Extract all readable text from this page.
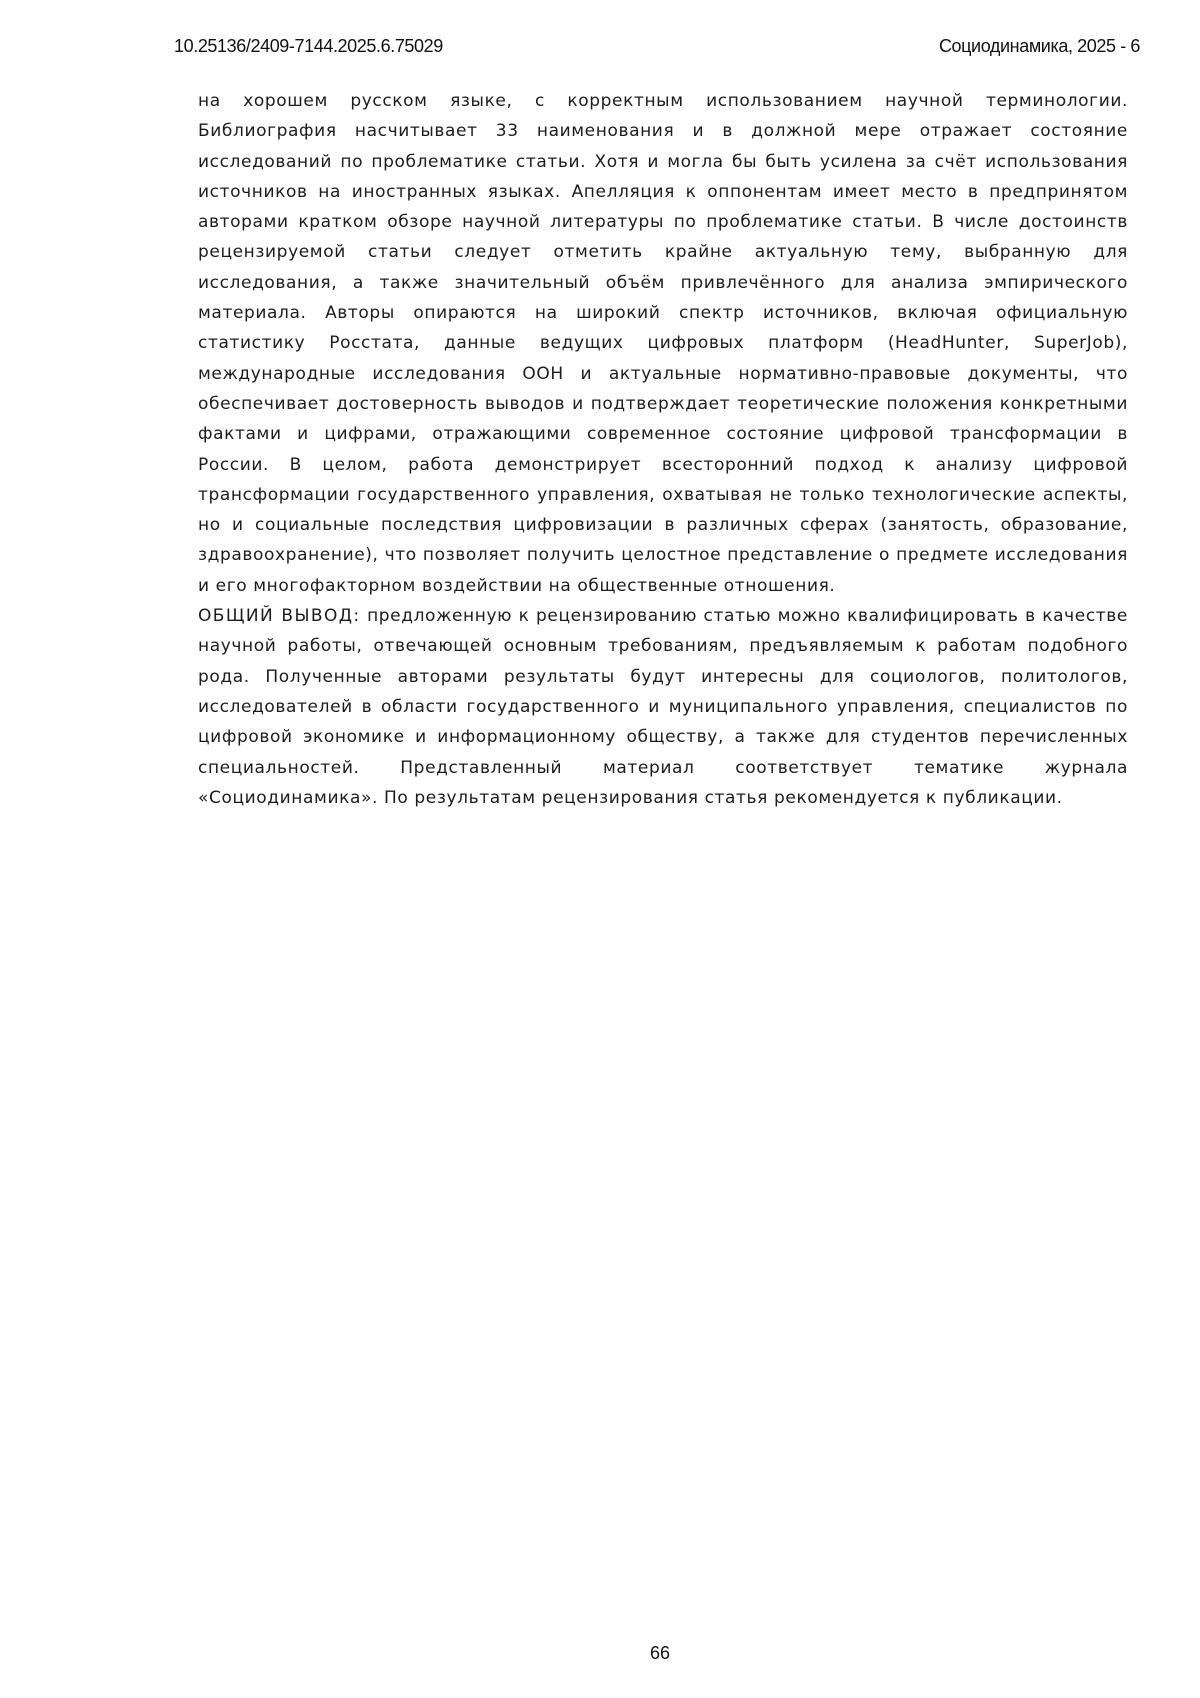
10.25136/2409-7144.2025.6.75029	Социодинамика, 2025 - 6

на хорошем русском языке, с корректным использованием научной терминологии. Библиография насчитывает 33 наименования и в должной мере отражает состояние исследований по проблематике статьи. Хотя и могла бы быть усилена за счёт использования источников на иностранных языках. Апелляция к оппонентам имеет место в предпринятом авторами кратком обзоре научной литературы по проблематике статьи. В числе достоинств рецензируемой статьи следует отметить крайне актуальную тему, выбранную для исследования, а также значительный объём привлечённого для анализа эмпирического материала. Авторы опираются на широкий спектр источников, включая официальную статистику Росстата, данные ведущих цифровых платформ (HeadHunter, SuperJob), международные исследования ООН и актуальные нормативно-правовые документы, что обеспечивает достоверность выводов и подтверждает теоретические положения конкретными фактами и цифрами, отражающими современное состояние цифровой трансформации в России. В целом, работа демонстрирует всесторонний подход к анализу цифровой трансформации государственного управления, охватывая не только технологические аспекты, но и социальные последствия цифровизации в различных сферах (занятость, образование, здравоохранение), что позволяет получить целостное представление о предмете исследования и его многофакторном воздействии на общественные отношения.

ОБЩИЙ ВЫВОД: предложенную к рецензированию статью можно квалифицировать в качестве научной работы, отвечающей основным требованиям, предъявляемым к работам подобного рода. Полученные авторами результаты будут интересны для социологов, политологов, исследователей в области государственного и муниципального управления, специалистов по цифровой экономике и информационному обществу, а также для студентов перечисленных специальностей. Представленный материал соответствует тематике журнала «Социодинамика». По результатам рецензирования статья рекомендуется к публикации.

66
